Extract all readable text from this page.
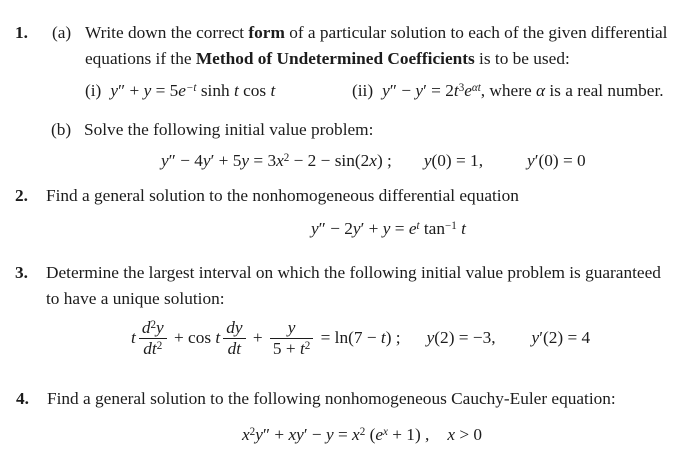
1. (a) Write down the correct form of a particular solution to each of the given differential
equations if the Method of Undetermined Coefficients is to be used:
(i) $y'' + y = 5e^{-t}$ sinh t cos t	(ii) $y'' - y' = 2t^3e^{\alpha t}$, where α is a real number.
(b) Solve the following initial value problem:
$y'' - 4y' + 5y = 3x^2 - 2 - \sin(2x)$ ; y(0) = 1,	y′(0) = 0
2. Find a general solution to the nonhomogeneous differential equation
$y'' - 2y' + y = e^t$ $\tan^{-1} t$
3. Determine the largest interval on which the following initial value problem is guaranteed
to have a unique solution:
t $\frac{d^2y}{dt^2} + \cos t \frac{dy}{dt} + \frac{y}{5 + t^2} = \ln(7 - t)$ ; y(2) = −3, y′(2) = 4
4. Find a general solution to the following nonhomogeneous Cauchy-Euler equation:
$x^2y'' + xy' - y = x^2$ $(e^x + 1)$ , x > 0
